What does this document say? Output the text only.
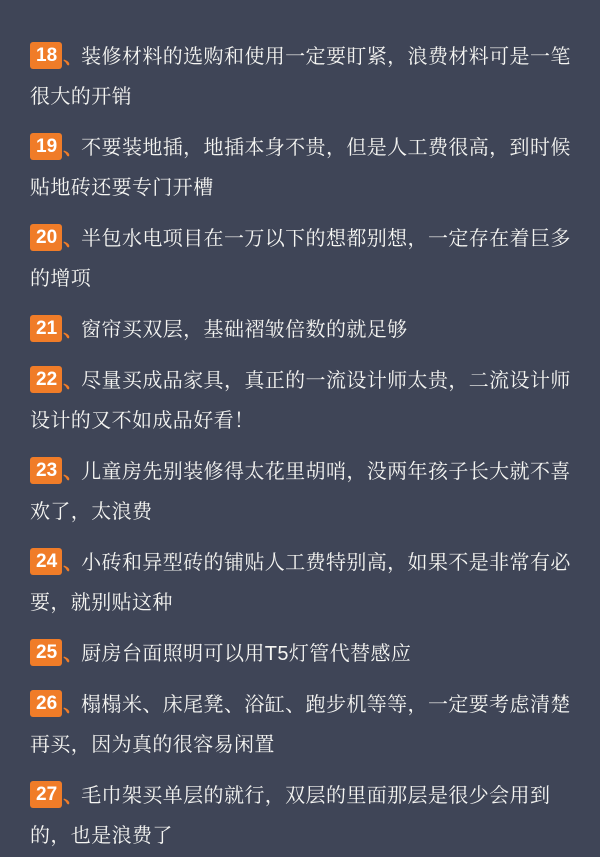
18 、装修材料的选购和使用一定要盯紧，浪费材料可是一笔很大的开销
19 、不要装地插，地插本身不贵，但是人工费很高，到时候贴地砖还要专门开槽
20 、半包水电项目在一万以下的想都别想，一定存在着巨多的增项
21 、窗帘买双层，基础褶皱倍数的就足够
22 、尽量买成品家具，真正的一流设计师太贵，二流设计师设计的又不如成品好看！
23 、儿童房先别装修得太花里胡哨，没两年孩子长大就不喜欢了，太浪费
24 、小砖和异型砖的铺贴人工费特别高，如果不是非常有必要，就别贴这种
25 、厨房台面照明可以用T5灯管代替感应
26 、榻榻米、床尾凳、浴缸、跑步机等等，一定要考虑清楚再买，因为真的很容易闲置
27 、毛巾架买单层的就行，双层的里面那层是很少会用到的，也是浪费了
